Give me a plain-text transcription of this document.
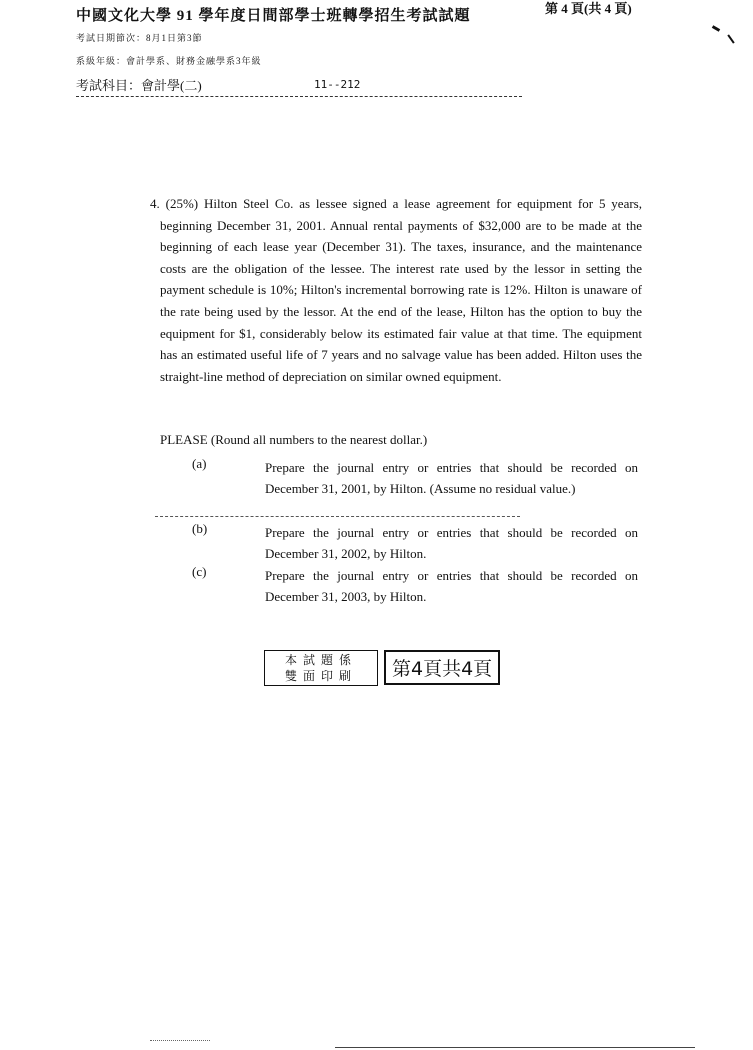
中國文化大學 91 學年度日間部學士班轉學招生考試試題	第 4 頁(共 4 頁)
考試日期節次：8月1日第3節
系級年級：會計學系、財務金融學系3年級
考試科目：會計學(二)	11--212

4. (25%) Hilton Steel Co. as lessee signed a lease agreement for equipment for 5 years, beginning December 31, 2001. Annual rental payments of $32,000 are to be made at the beginning of each lease year (December 31). The taxes, insurance, and the maintenance costs are the obligation of the lessee. The interest rate used by the lessor in setting the payment schedule is 10%; Hilton's incremental borrowing rate is 12%. Hilton is unaware of the rate being used by the lessor. At the end of the lease, Hilton has the option to buy the equipment for $1, considerably below its estimated fair value at that time. The equipment has an estimated useful life of 7 years and no salvage value has been added. Hilton uses the straight-line method of depreciation on similar owned equipment.

PLEASE (Round all numbers to the nearest dollar.)
(a)	Prepare the journal entry or entries that should be recorded on December 31, 2001, by Hilton. (Assume no residual value.)
(b)	Prepare the journal entry or entries that should be recorded on December 31, 2002, by Hilton.
(c)	Prepare the journal entry or entries that should be recorded on December 31, 2003, by Hilton.
本試題係
雙面印刷	第4頁共4頁
